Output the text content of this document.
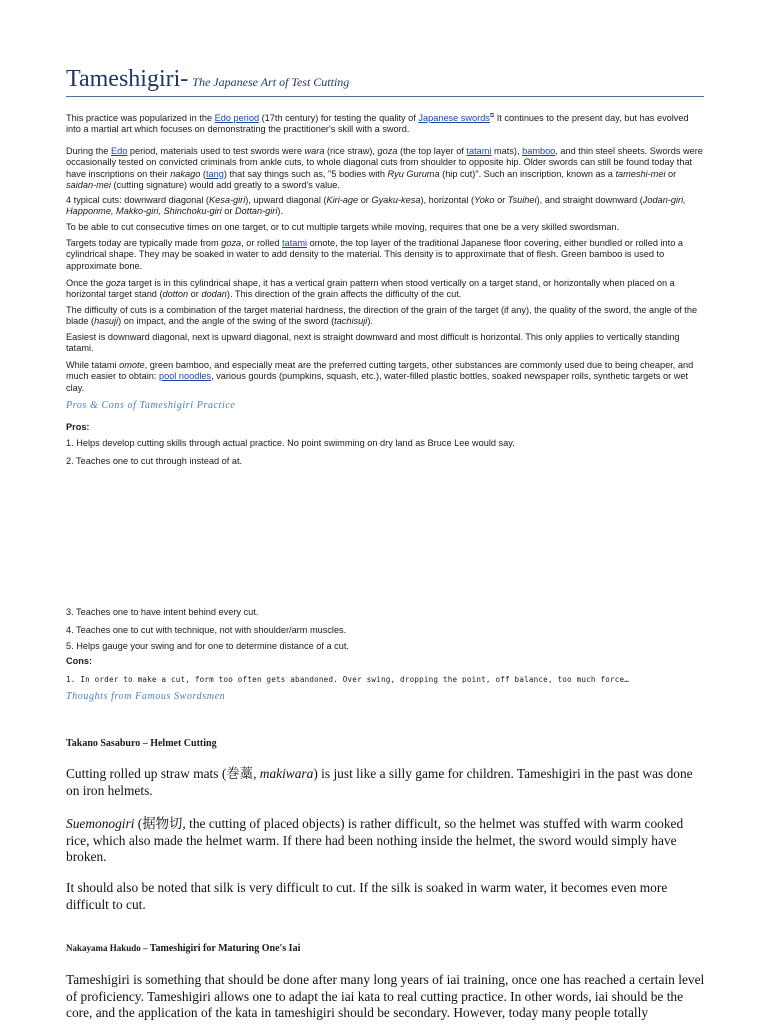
Tameshigiri- The Japanese Art of Test Cutting
This practice was popularized in the Edo period (17th century) for testing the quality of Japanese swords⧉ It continues to the present day, but has evolved into a martial art which focuses on demonstrating the practitioner's skill with a sword.
During the Edo period, materials used to test swords were wara (rice straw), goza (the top layer of tatami mats), bamboo, and thin steel sheets. Swords were occasionally tested on convicted criminals from ankle cuts, to whole diagonal cuts from shoulder to opposite hip. Older swords can still be found today that have inscriptions on their nakago (tang) that say things such as, "5 bodies with Ryu Guruma (hip cut)". Such an inscription, known as a tameshi-mei or saidan-mei (cutting signature) would add greatly to a sword's value.
4 typical cuts: downward diagonal (Kesa-giri), upward diagonal (Kiri-age or Gyaku-kesa), horizontal (Yoko or Tsuihei), and straight downward (Jodan-giri, Happonme, Makko-giri, Shinchoku-giri or Dottan-giri).
To be able to cut consecutive times on one target, or to cut multiple targets while moving, requires that one be a very skilled swordsman.
Targets today are typically made from goza, or rolled tatami omote, the top layer of the traditional Japanese floor covering, either bundled or rolled into a cylindrical shape. They may be soaked in water to add density to the material. This density is to approximate that of flesh. Green bamboo is used to approximate bone.
Once the goza target is in this cylindrical shape, it has a vertical grain pattern when stood vertically on a target stand, or horizontally when placed on a horizontal target stand (dotton or dodan). This direction of the grain affects the difficulty of the cut.
The difficulty of cuts is a combination of the target material hardness, the direction of the grain of the target (if any), the quality of the sword, the angle of the blade (hasuji) on impact, and the angle of the swing of the sword (tachisuji).
Easiest is downward diagonal, next is upward diagonal, next is straight downward and most difficult is horizontal. This only applies to vertically standing tatami.
While tatami omote, green bamboo, and especially meat are the preferred cutting targets, other substances are commonly used due to being cheaper, and much easier to obtain: pool noodles, various gourds (pumpkins, squash, etc.), water-filled plastic bottles, soaked newspaper rolls, synthetic targets or wet clay.
Pros & Cons of Tameshigiri Practice
Pros:
1. Helps develop cutting skills through actual practice. No point swimming on dry land as Bruce Lee would say.
2. Teaches one to cut through instead of at.
3. Teaches one to have intent behind every cut.
4. Teaches one to cut with technique, not with shoulder/arm muscles.
5. Helps gauge your swing and for one to determine distance of a cut.
Cons:
1. In order to make a cut, form too often gets abandoned. Over swing, dropping the point, off balance, too much force…
Thoughts from Famous Swordsmen
Takano Sasaburo – Helmet Cutting
Cutting rolled up straw mats (巻藁, makiwara) is just like a silly game for children. Tameshigiri in the past was done on iron helmets.
Suemonogiri (据物切, the cutting of placed objects) is rather difficult, so the helmet was stuffed with warm cooked rice, which also made the helmet warm. If there had been nothing inside the helmet, the sword would simply have broken.
It should also be noted that silk is very difficult to cut. If the silk is soaked in warm water, it becomes even more difficult to cut.
Nakayama Hakudo – Tameshigiri for Maturing One's Iai
Tameshigiri is something that should be done after many long years of iai training, once one has reached a certain level of proficiency. Tameshigiri allows one to adapt the iai kata to real cutting practice. In other words, iai should be the core, and the application of the kata in tameshigiri should be secondary. However, today many people totally
